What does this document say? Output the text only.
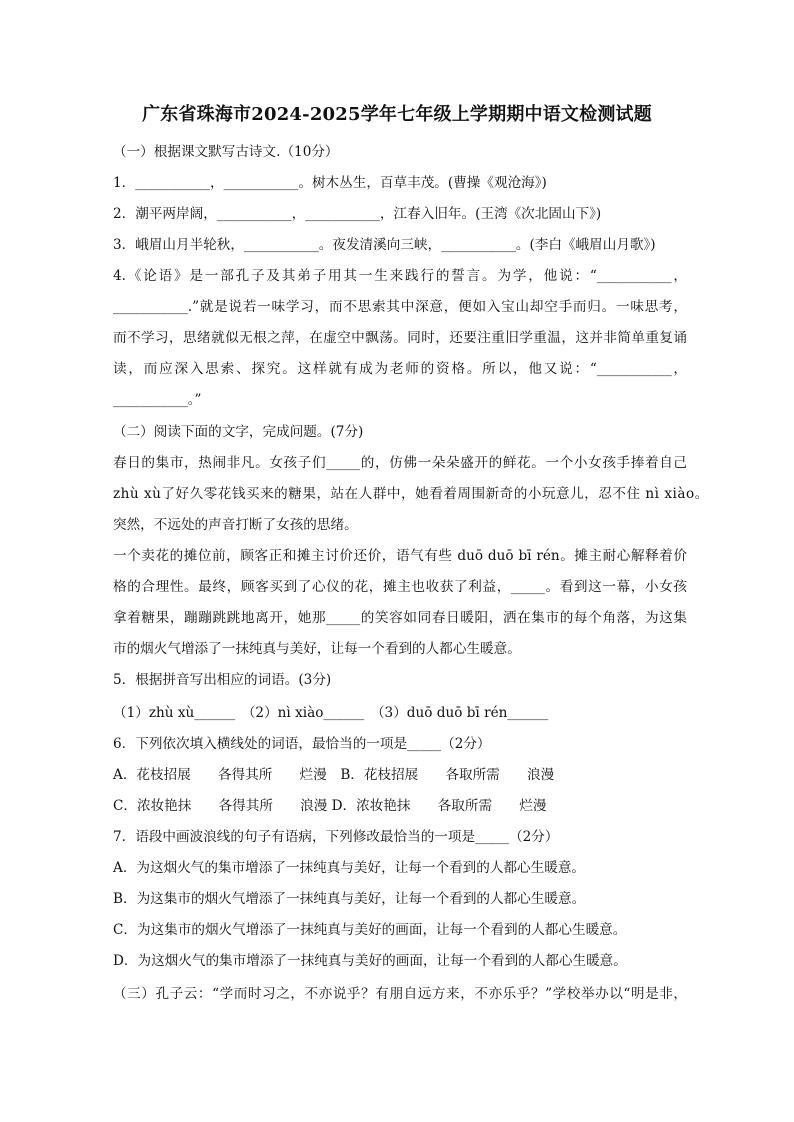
广东省珠海市2024-2025学年七年级上学期期中语文检测试题
（一）根据课文默写古诗文.（10分）
1．___________，___________。树木丛生，百草丰茂。(曹操《观沧海》)
2．潮平两岸阔，___________，___________，江春入旧年。(王湾《次北固山下》)
3．峨眉山月半轮秋，___________。夜发清溪向三峡，___________。(李白《峨眉山月歌》)
4.《论语》是一部孔子及其弟子用其一生来践行的誓言。为学，他说：“___________，
___________.”就是说若一味学习，而不思索其中深意，便如入宝山却空手而归。一味思考，
而不学习，思绪就似无根之萍，在虚空中飘荡。同时，还要注重旧学重温，这并非简单重复诵
读，而应深入思索、探究。这样就有成为老师的资格。所以，他又说：“___________，
___________。”
（二）阅读下面的文字，完成问题。(7分)
春日的集市，热闹非凡。女孩子们_____的，仿佛一朵朵盛开的鲜花。一个小女孩手捧着自己
zhù xù了好久零花钱买来的糖果，站在人群中，她看着周围新奇的小玩意儿，忍不住 nì xiào。
突然，不远处的声音打断了女孩的思绪。
一个卖花的摊位前，顾客正和摊主讨价还价，语气有些 duō duō bī rén。摊主耐心解释着价
格的合理性。最终，顾客买到了心仪的花，摊主也收获了利益，_____。看到这一幕，小女孩
拿着糖果，蹦蹦跳跳地离开，她那_____的笑容如同春日暖阳，洒在集市的每个角落，为这集
市的烟火气增添了一抹纯真与美好，让每一个看到的人都心生暖意。
5．根据拼音写出相应的词语。(3分)
（1）zhù xù______　（2）nì xiào______　（3）duō duō bī rén______
6．下列依次填入横线处的词语，最恰当的一项是_____（2分）
A．花枝招展　　各得其所　　烂漫　B．花枝招展　　各取所需　　浪漫
C．浓妆艳抹　　各得其所　　浪漫 D．浓妆艳抹　　各取所需　　烂漫
7．语段中画波浪线的句子有语病，下列修改最恰当的一项是_____（2分）
A．为这烟火气的集市增添了一抹纯真与美好，让每一个看到的人都心生暖意。
B．为这集市的烟火气增添了一抹纯真与美好，让每一个看到的人都心生暖意。
C．为这集市的烟火气增添了一抹纯真与美好的画面，让每一个看到的人都心生暖意。
D．为这烟火气的集市增添了一抹纯真与美好的画面，让每一个看到的人都心生暖意。
（三）孔子云：“学而时习之，不亦说乎？有朋自远方来，不亦乐乎？”学校举办以“明是非，
